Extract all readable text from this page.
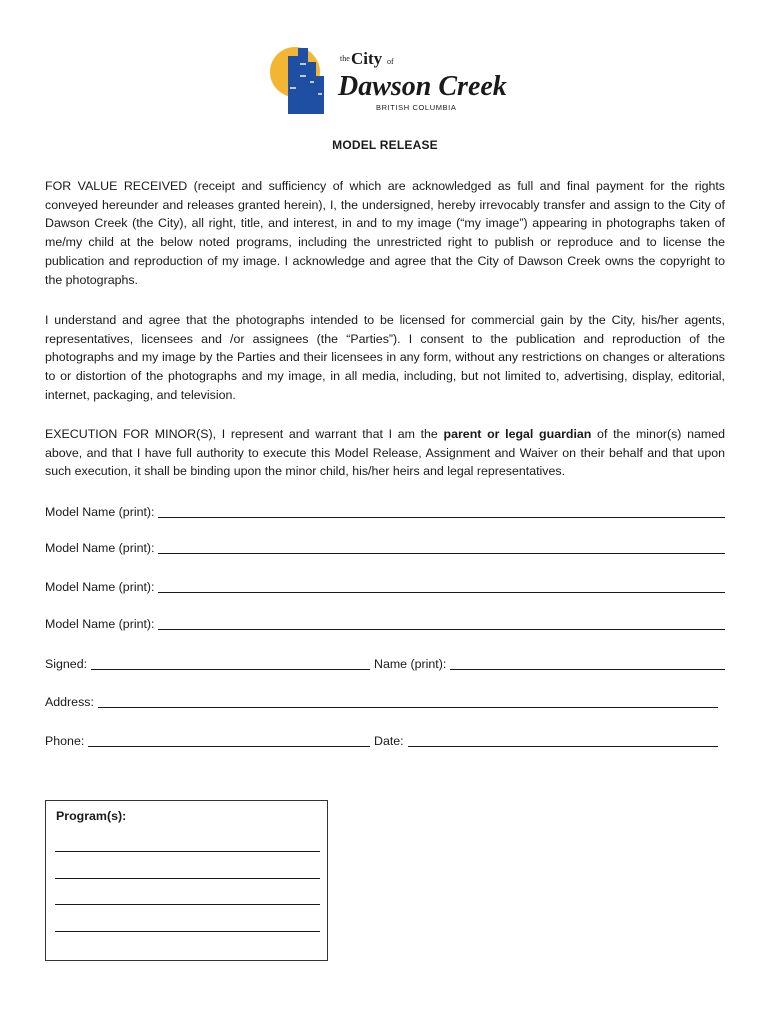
the City of
Dawson Creek
BRITISH COLUMBIA
MODEL RELEASE

FOR VALUE RECEIVED (receipt and sufficiency of which are acknowledged as full and final payment for the rights conveyed hereunder and releases granted herein), I, the undersigned, hereby irrevocably transfer and assign to the City of Dawson Creek (the City), all right, title, and interest, in and to my image (“my image”) appearing in photographs taken of me/my child at the below noted programs, including the unrestricted right to publish or reproduce and to license the publication and reproduction of my image. I acknowledge and agree that the City of Dawson Creek owns the copyright to the photographs.

I understand and agree that the photographs intended to be licensed for commercial gain by the City, his/her agents, representatives, licensees and /or assignees (the “Parties”). I consent to the publication and reproduction of the photographs and my image by the Parties and their licensees in any form, without any restrictions on changes or alterations to or distortion of the photographs and my image, in all media, including, but not limited to, advertising, display, editorial, internet, packaging, and television.

EXECUTION FOR MINOR(S), I represent and warrant that I am the parent or legal guardian of the minor(s) named above, and that I have full authority to execute this Model Release, Assignment and Waiver on their behalf and that upon such execution, it shall be binding upon the minor child, his/her heirs and legal representatives.

Model Name (print):
Model Name (print):
Model Name (print):
Model Name (print):
Signed:	Name (print):
Address:
Phone:	Date:
Program(s):
